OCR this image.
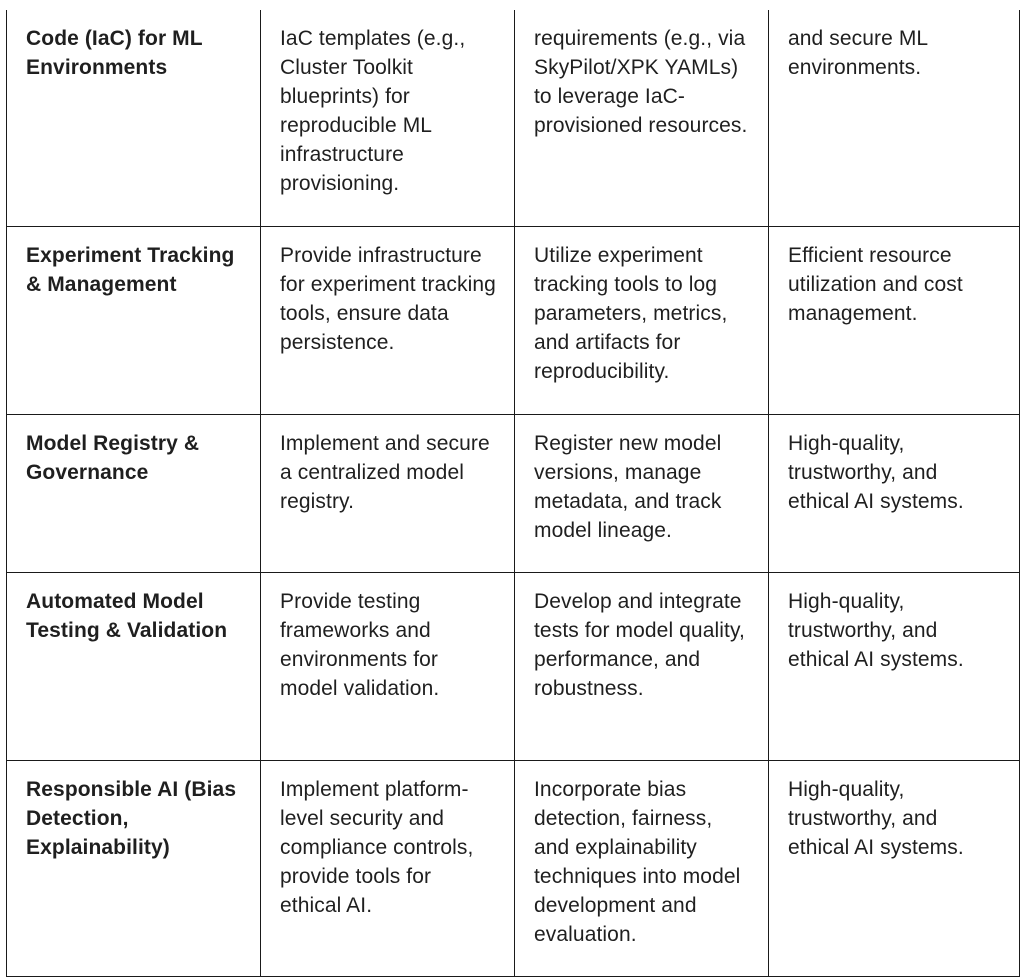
Code (IaC) for ML Environments	IaC templates (e.g., Cluster Toolkit blueprints) for reproducible ML infrastructure provisioning.	requirements (e.g., via SkyPilot/XPK YAMLs) to leverage IaC-provisioned resources.	and secure ML environments.
Experiment Tracking & Management	Provide infrastructure for experiment tracking tools, ensure data persistence.	Utilize experiment tracking tools to log parameters, metrics, and artifacts for reproducibility.	Efficient resource utilization and cost management.
Model Registry & Governance	Implement and secure a centralized model registry.	Register new model versions, manage metadata, and track model lineage.	High-quality, trustworthy, and ethical AI systems.
Automated Model Testing & Validation	Provide testing frameworks and environments for model validation.	Develop and integrate tests for model quality, performance, and robustness.	High-quality, trustworthy, and ethical AI systems.
Responsible AI (Bias Detection, Explainability)	Implement platform-level security and compliance controls, provide tools for ethical AI.	Incorporate bias detection, fairness, and explainability techniques into model development and evaluation.	High-quality, trustworthy, and ethical AI systems.
